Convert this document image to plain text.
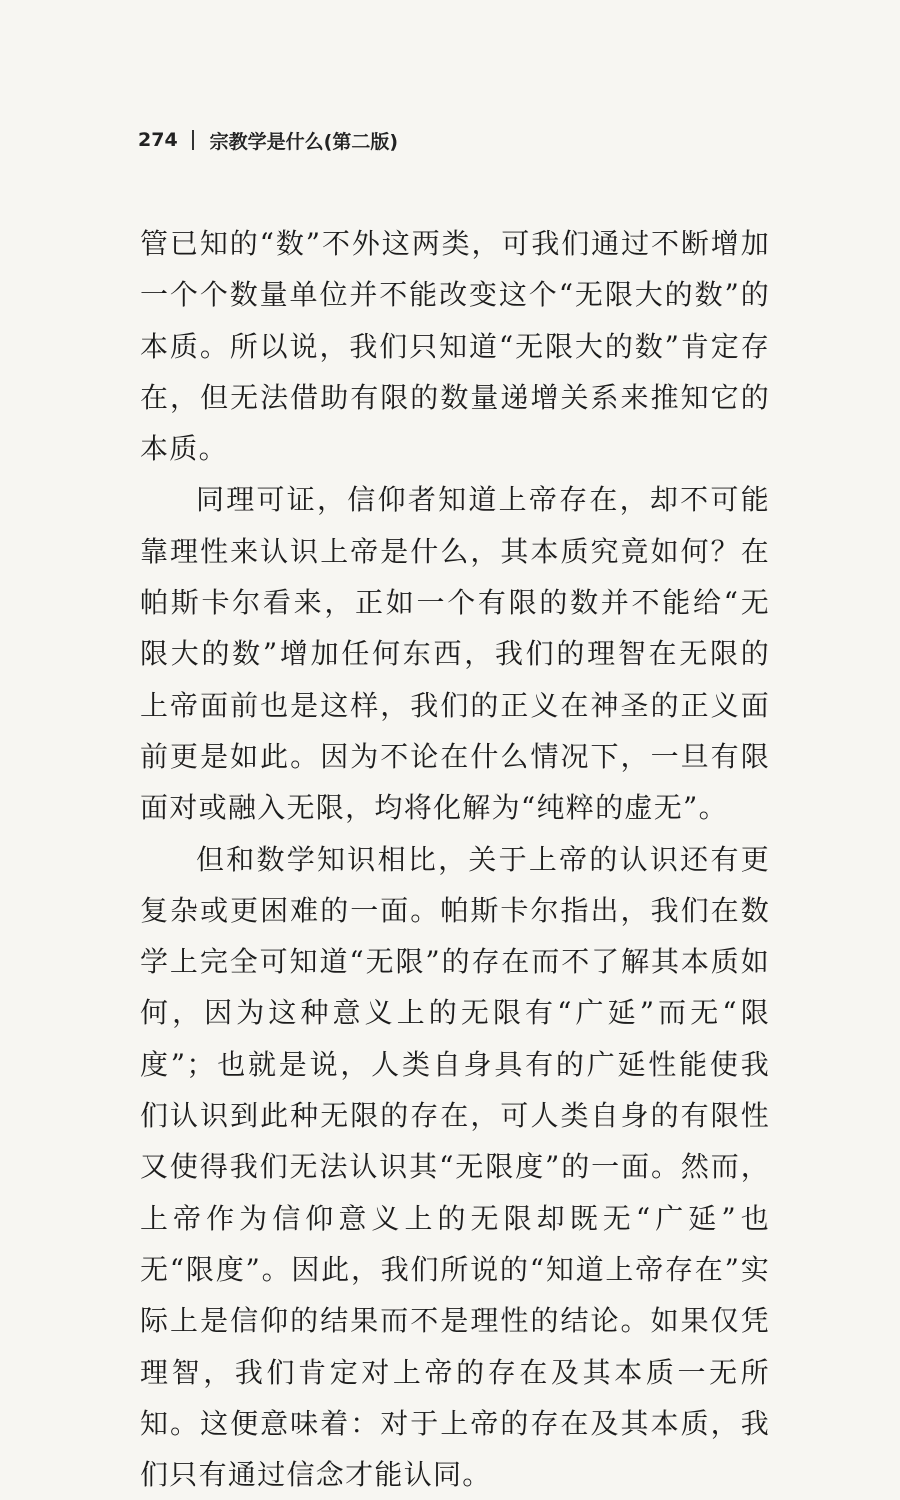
274 宗教学是什么(第二版)

管已知的“数”不外这两类，可我们通过不断增加一个个数量单位并不能改变这个“无限大的数”的本质。所以说，我们只知道“无限大的数”肯定存在，但无法借助有限的数量递增关系来推知它的本质。

同理可证，信仰者知道上帝存在，却不可能靠理性来认识上帝是什么，其本质究竟如何？在帕斯卡尔看来，正如一个有限的数并不能给“无限大的数”增加任何东西，我们的理智在无限的上帝面前也是这样，我们的正义在神圣的正义面前更是如此。因为不论在什么情况下，一旦有限面对或融入无限，均将化解为“纯粹的虚无”。

但和数学知识相比，关于上帝的认识还有更复杂或更困难的一面。帕斯卡尔指出，我们在数学上完全可知道“无限”的存在而不了解其本质如何，因为这种意义上的无限有“广延”而无“限度”；也就是说，人类自身具有的广延性能使我们认识到此种无限的存在，可人类自身的有限性又使得我们无法认识其“无限度”的一面。然而，上帝作为信仰意义上的无限却既无“广延”也无“限度”。因此，我们所说的“知道上帝存在”实际上是信仰的结果而不是理性的结论。如果仅凭理智，我们肯定对上帝的存在及其本质一无所知。这便意味着：对于上帝的存在及其本质，我们只有通过信念才能认同。
